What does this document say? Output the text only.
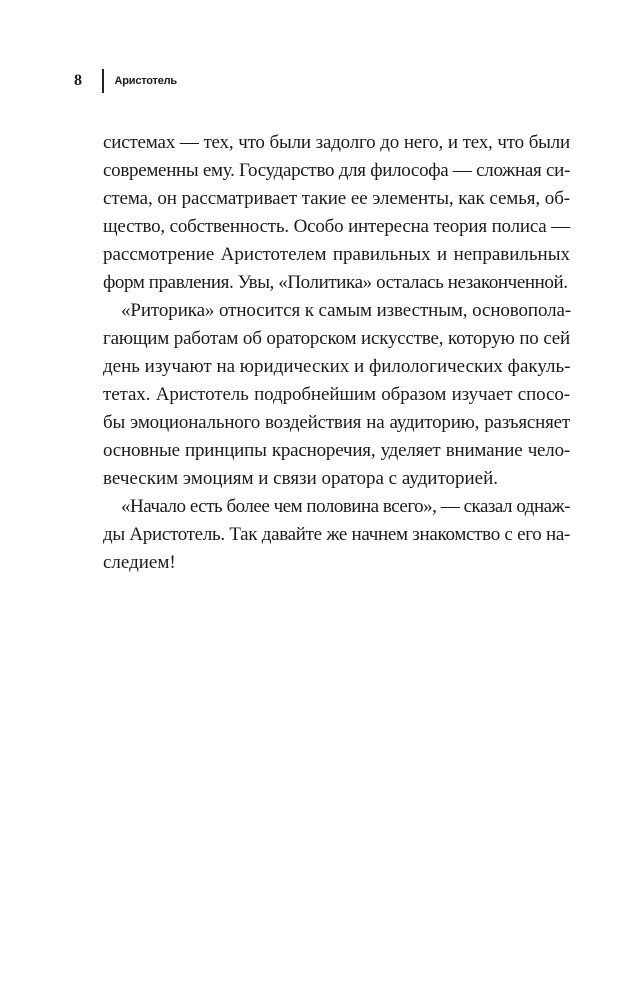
8	Аристотель
системах — тех, что были задолго до него, и тех, что были
современны ему. Государство для философа — сложная си-
стема, он рассматривает такие ее элементы, как семья, об-
щество, собственность. Особо интересна теория полиса —
рассмотрение Аристотелем правильных и неправильных
форм правления. Увы, «Политика» осталась незаконченной.
«Риторика» относится к самым известным, основопола-
гающим работам об ораторском искусстве, которую по сей
день изучают на юридических и филологических факуль-
тетах. Аристотель подробнейшим образом изучает спосо-
бы эмоционального воздействия на аудиторию, разъясняет
основные принципы красноречия, уделяет внимание чело-
веческим эмоциям и связи оратора с аудиторией.
«Начало есть более чем половина всего», — сказал однаж-
ды Аристотель. Так давайте же начнем знакомство с его на-
следием!
